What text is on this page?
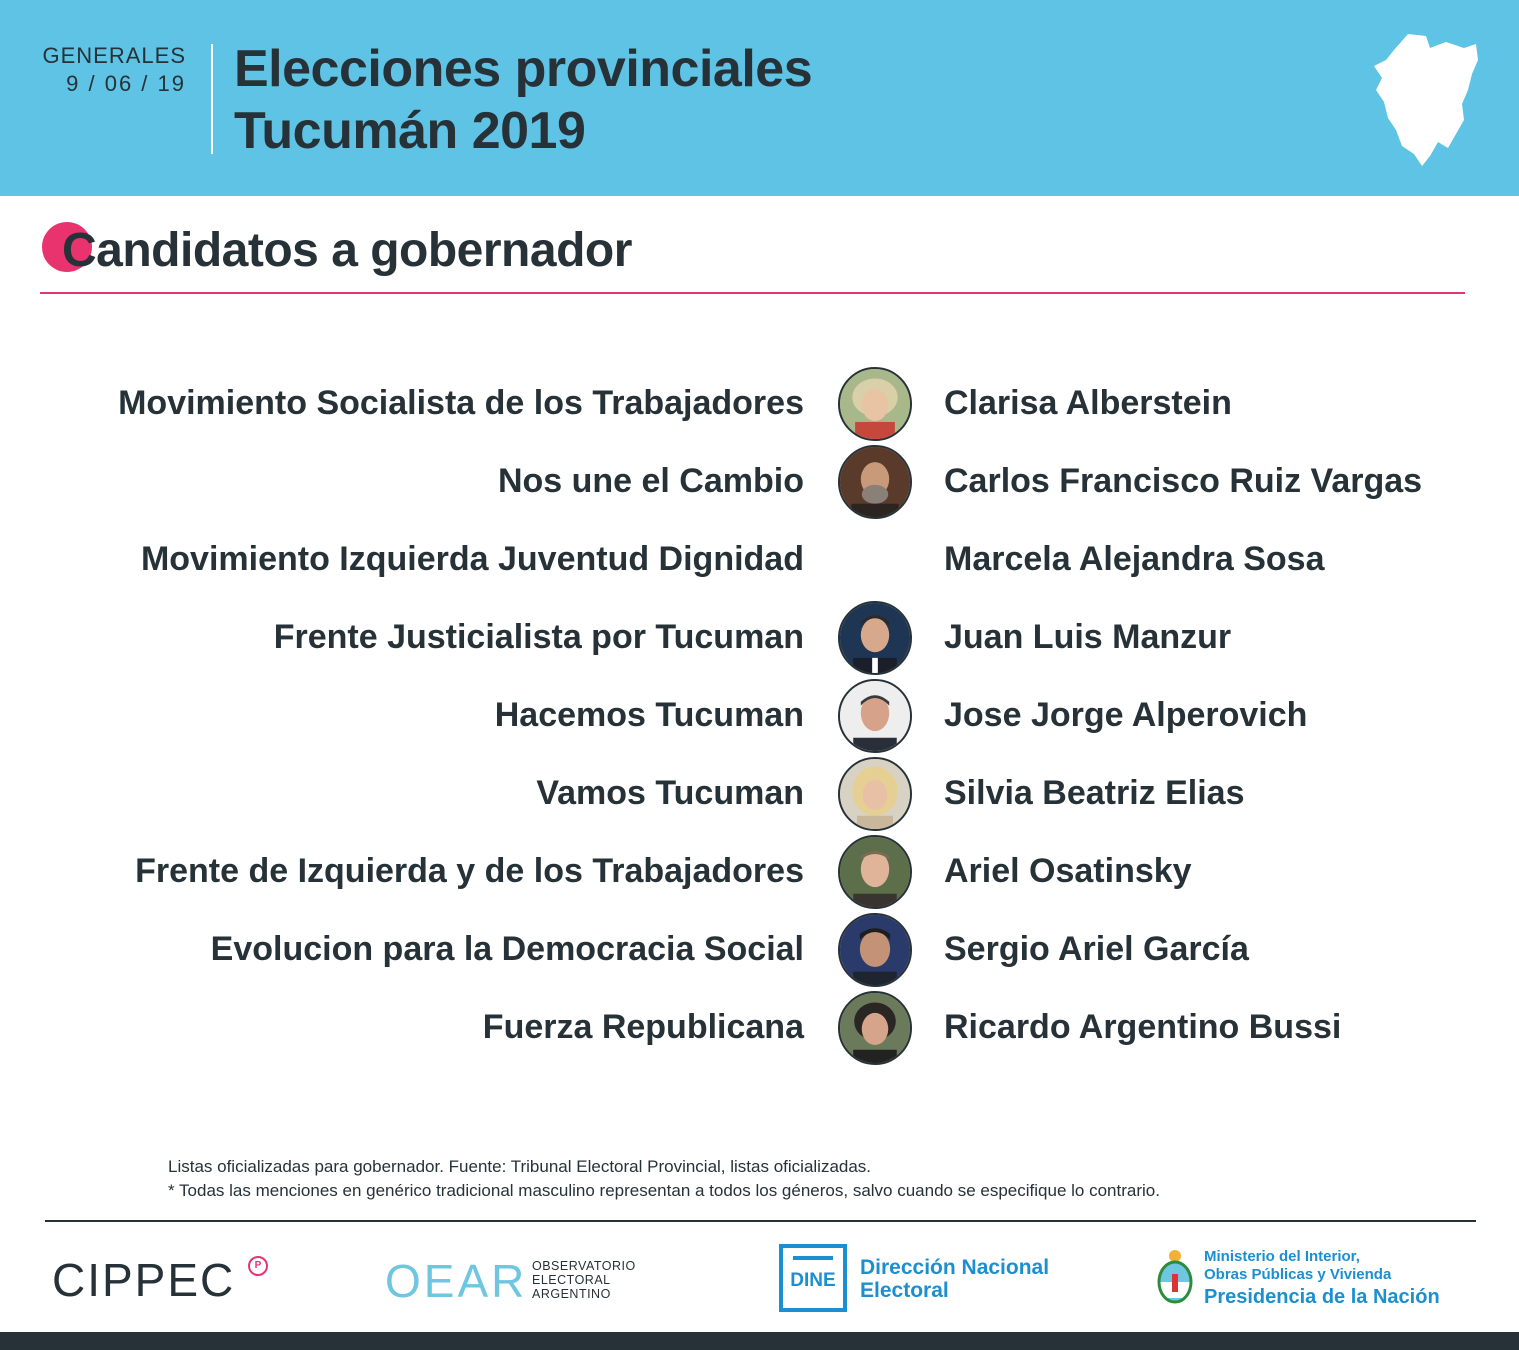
GENERALES
9 / 06 / 19 Elecciones provinciales
Tucumán 2019
Candidatos a gobernador
Movimiento Socialista de los Trabajadores	Clarisa Alberstein
Nos une el Cambio	Carlos Francisco Ruiz Vargas
Movimiento Izquierda Juventud Dignidad	Marcela Alejandra Sosa
Frente Justicialista por Tucuman	Juan Luis Manzur
Hacemos Tucuman	Jose Jorge Alperovich
Vamos Tucuman	Silvia Beatriz Elias
Frente de Izquierda y de los Trabajadores	Ariel Osatinsky
Evolucion para la Democracia Social	Sergio Ariel García
Fuerza Republicana	Ricardo Argentino Bussi
Listas oficializadas para gobernador. Fuente: Tribunal Electoral Provincial, listas oficializadas.
* Todas las menciones en genérico tradicional masculino representan a todos los géneros, salvo cuando se especifique lo contrario.
CIPPEC	P	OEAR OBSERVATORIO
ELECTORAL
ARGENTINO
DINE
Dirección Nacional
Electoral
Ministerio del Interior,
Obras Públicas y Vivienda
Presidencia de la Nación
